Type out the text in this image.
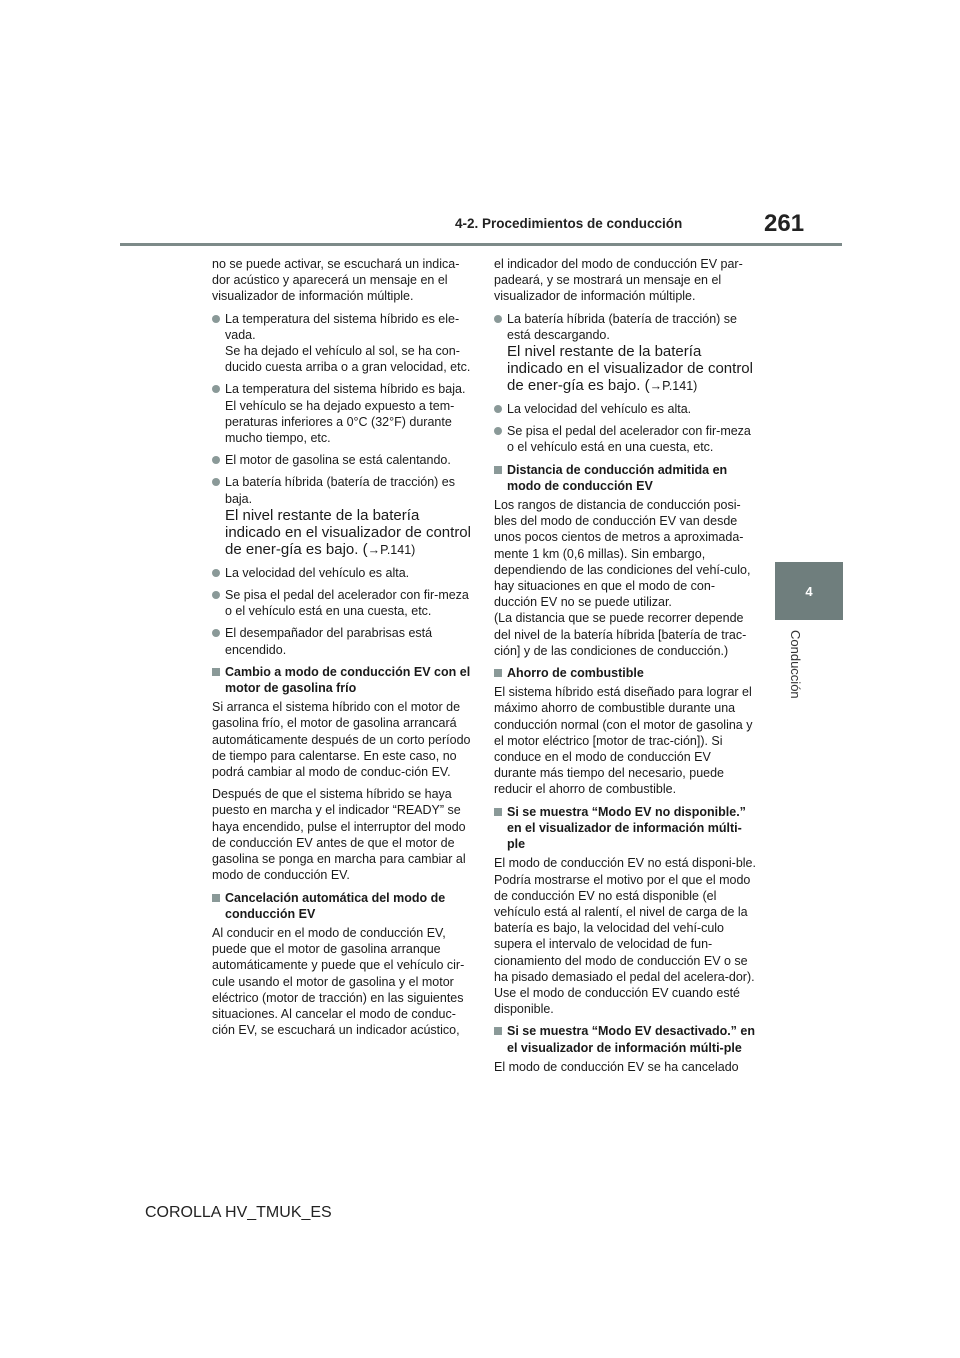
4-2. Procedimientos de conducción	261
4
Conducción

no se puede activar, se escuchará un indica-dor acústico y aparecerá un mensaje en el visualizador de información múltiple.

La temperatura del sistema híbrido es ele-vada.
Se ha dejado el vehículo al sol, se ha con-ducido cuesta arriba o a gran velocidad, etc.
La temperatura del sistema híbrido es baja.
El vehículo se ha dejado expuesto a tem-peraturas inferiores a 0°C (32°F) durante mucho tiempo, etc.
El motor de gasolina se está calentando.
La batería híbrida (batería de tracción) es baja.
El nivel restante de la batería indicado en el visualizador de control de ener-gía es bajo. (→P.141)
La velocidad del vehículo es alta.
Se pisa el pedal del acelerador con fir-meza o el vehículo está en una cuesta, etc.
El desempañador del parabrisas está encendido.
Cambio a modo de conducción EV con el motor de gasolina frío

Si arranca el sistema híbrido con el motor de gasolina frío, el motor de gasolina arrancará automáticamente después de un corto período de tiempo para calentarse. En este caso, no podrá cambiar al modo de conduc-ción EV.

Después de que el sistema híbrido se haya puesto en marcha y el indicador “READY” se haya encendido, pulse el interruptor del modo de conducción EV antes de que el motor de gasolina se ponga en marcha para cambiar al modo de conducción EV.

Cancelación automática del modo de conducción EV

Al conducir en el modo de conducción EV, puede que el motor de gasolina arranque automáticamente y puede que el vehículo cir-cule usando el motor de gasolina y el motor eléctrico (motor de tracción) en las siguientes situaciones. Al cancelar el modo de conduc-ción EV, se escuchará un indicador acústico,

el indicador del modo de conducción EV par-padeará, y se mostrará un mensaje en el visualizador de información múltiple.

La batería híbrida (batería de tracción) se está descargando.
El nivel restante de la batería indicado en el visualizador de control de ener-gía es bajo. (→P.141)
La velocidad del vehículo es alta.
Se pisa el pedal del acelerador con fir-meza o el vehículo está en una cuesta, etc.
Distancia de conducción admitida en modo de conducción EV

Los rangos de distancia de conducción posi-bles del modo de conducción EV van desde unos pocos cientos de metros a aproximada-mente 1 km (0,6 millas). Sin embargo, dependiendo de las condiciones del vehí-culo, hay situaciones en que el modo de con-ducción EV no se puede utilizar.

(La distancia que se puede recorrer depende del nivel de la batería híbrida [batería de trac-ción] y de las condiciones de conducción.)

Ahorro de combustible

El sistema híbrido está diseñado para lograr el máximo ahorro de combustible durante una conducción normal (con el motor de gasolina y el motor eléctrico [motor de trac-ción]). Si conduce en el modo de conducción EV durante más tiempo del necesario, puede reducir el ahorro de combustible.

Si se muestra “Modo EV no disponible.” en el visualizador de información múlti-ple

El modo de conducción EV no está disponi-ble. Podría mostrarse el motivo por el que el modo de conducción EV no está disponible (el vehículo está al ralentí, el nivel de carga de la batería es bajo, la velocidad del vehí-culo supera el intervalo de velocidad de fun-cionamiento del modo de conducción EV o se ha pisado demasiado el pedal del acelera-dor). Use el modo de conducción EV cuando esté disponible.

Si se muestra “Modo EV desactivado.” en el visualizador de información múlti-ple

El modo de conducción EV se ha cancelado

COROLLA HV_TMUK_ES
